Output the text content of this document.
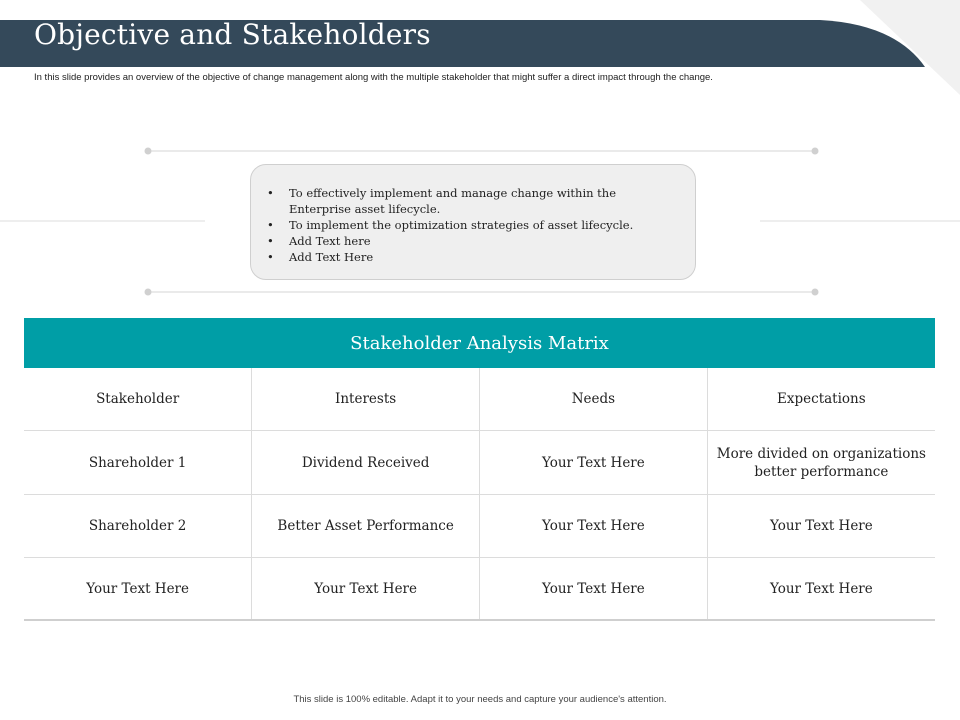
Objective and Stakeholders
In this slide provides an overview of the objective of change management along with the multiple stakeholder that might suffer a direct impact through the change.
• To effectively implement and manage change within the Enterprise asset lifecycle.
• To implement the optimization strategies of asset lifecycle.
• Add Text here
• Add Text Here
Stakeholder Analysis Matrix
Stakeholder	Interests	Needs	Expectations
Shareholder 1	Dividend Received	Your Text Here	More divided on organizations better performance
Shareholder 2	Better Asset Performance	Your Text Here	Your Text Here
Your Text Here	Your Text Here	Your Text Here	Your Text Here
This slide is 100% editable. Adapt it to your needs and capture your audience's attention.
